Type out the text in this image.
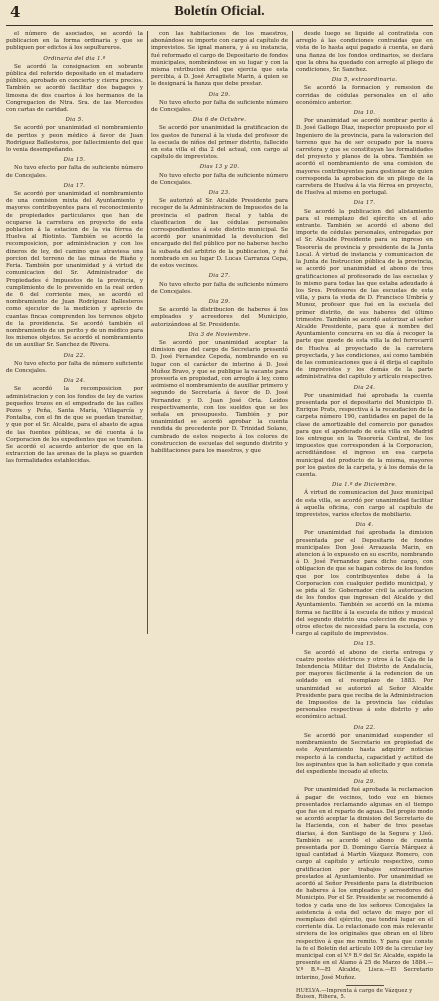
4	Boletín Oficial.

el número de asociados, se acordó la publicacion en la forma ordinaria y que se publiquen por edictos á los sepultureros.

Ordinaria del dia 1.º

Se acordó la consignacion en sobrante pública del referido depositado en el matadero público, aprobado en concierto y cierra precios. También se acordó facilitar dos bagages y limosna de dos cuartos á los hermanos de la Congregacion de Ntra. Sra. de las Mercedes con cartas de caridad.

Dia 5.

Se acordó por unanimidad el nombramiento de peritos y peon médico á favor de Juan Rodríguez Ballesteros, por fallecimiento del que lo venia desempeñando.

Dia 15.

No tuvo efecto por falta de suficiente número de Concejales.

Dia 17.

Se acordó por unanimidad el nombramiento de una comision mixta del Ayuntamiento y mayores contribuyentes para el reconocimiento de propiedades particulares que han de ocuparse la carretera en proyecto de esta poblacion á la estacion de la via férrea de Huelva al Ríotinto. También se acordó la recomposicion, por administracion y con los dineros de ley, del camino que atraviesa una porcion del terreno de las minas de Riaño y Feria. También por unanimidad y á virtud de comunicacion del Sr. Administrador de Propiedades é Impuestos de la provincia, y cumplimiento de lo prevenido en la real orden de 6 del corriente mes, se acordó el nombramiento de Juan Rodríguez Ballesteros como ejecutor de la medicion y aprecio de cuantas fincas comprenden los terrenos objeto de la providencia. Se acordó también el nombramiento de un perito y de un médico para los mismos objetos. Se acordó el nombramiento de un auxiliar Sr. Sanchez de Rivera.

Dia 22.

No tuvo efecto por falta de número suficiente de Concejales.

Dia 24.

Se acordó la recomposicion por administracion y con los fondos de ley de varios pequeños trozos en el empedrado de las calles Pozos y Peña, Santa María, Villagarcía y Fontalba, con el fin de que se puedan transitar, y que por el Sr. Alcalde, para el abasto de agua de las fuentes públicas, se dé cuenta á la Corporacion de los expedientes que se tramiten. Se acordó el acuerdo anterior de que en la extraccion de las arenas de la playa se guarden las formalidades establecidas.

con las habitaciones de los maestros, abonándose su importe con cargo al capítulo de imprevistos. Se ignal manera, y á su instancia, fué reformado el cargo de Depositario de fondos municipales, nombrándose en su lugar y con la misma retribucion del que ejercia que esta percibia, á D. José Arragüete Marin, á quien se le designará la fianza que debe prestar.

Dia 29.

No tuvo efecto por falta de suficiente número de Concejales.

Dia 6 de Octubre.

Se acordó por unanimidad la gratificacion de los gastos de funeral á la viuda del profesor de la escuela de niños del primer distrito, fallecido en esta villa el dia 2 del actual, con cargo al capítulo de imprevistos.

Dias 13 y 20.

No tuvo efecto por falta de suficiente número de Concejales.

Dia 23.

Se autorizó al Sr. Alcalde Presidente para recoger de la Administracion de Impuestos de la provincia el padron fiscal y tabla de clasificacion de las cédulas personales correspondientes á este distrito municipal. Se acordó por unanimidad la devolucion del encargado del fiel público por no haberse hecho la subasta del arbitrio de la publicacion, y fué nombrado en su lugar D. Lucas Carranza Cepa, de estos vecinos.

Dia 27.

No tuvo efecto por falta de suficiente número de Concejales.

Dia 29.

Se acordó la distribucion de haberes á los empleados y acreedores del Municipio, autorizándose al Sr. Presidente.

Dia 3 de Noviembre.

Se acordó por unanimidad aceptar la dimision que del cargo de Secretario presentó D. José Fernandez Cepeda, nombrando en su lugar con el carácter de interino á D. José Muñoz Bravo, y que se publique la vacante para proveerla en propiedad, con arreglo á ley, como asimismo el nombramiento de auxiliar primero y segundo de Secretaría á favor de D. José Fernandez y D. Juan José Orta. Leídos respectivamente, con los sueldos que se les señala en presupuesto. También y por unanimidad se acordó aprobar la cuenta rendida de precedente por D. Trinidad Solano, cumbrado de estos respecto á los colores de construccion de escuelas del segundo distrito y habilitaciones para los maestros, y que

desde luego se liquide al contratista con arreglo á las condiciones contraidas que en vista de lo hasta aquí pagado á cuenta, se dará una fianza de los fondos ordinarios, se declara que la obra ha quedado con arreglo al pliego de condiciones, Sr. Sanchez.

Dia 5, extraordinaria.

Se acordó la formacion y remesion de corridas de cédulas personales en el año económico anterior.

Dia 10.

Por unanimidad se acordó nombrar perito á D. José Gallego Diaz, inspector propuesto por el Ingeniero de la provincia, para la valoracion del terreno que ha de ser ocupado por la nueva carretera y que se constituyan las formalidades del proyecto y planos de la obra. También se acordó el nombramiento de una comision de mayores contribuyentes para gestionar de quien corresponda la aprobacion de un pliego de la carretera de Huelva á la via férrea en proyecto, de Huelva al mismo en portugal.

Dia 17.

Se acordó la publicacion del alistamiento para el reemplazo del ejército en el año entrante. También se acordó el abono del importe de cédulas personales, entregadas por el Sr. Alcalde Presidente para su ingreso en Tesorería de provincia y presidente de la Junta Local. Á virtud de instancia y comunicacion de la Junta de Instruccion pública de la provincia, se acordó por unanimidad el abono de tres gratificaciones al profesorado de las escuelas y lo mismo para todas las que estaba adeudado á los Sres. Profesores de las escuelas de esta villa, y para la viuda de D. Francisco Umbría y Munoz, profesor que fué en la escuela del primer distrito, de sus haberes del último trimestre. También se acordó autorizar al señor Alcalde Presidente, para que á nombre del Ayuntamiento concurra en su día á recoger la parte que quede de esta villa la del ferrocarril de Huelva al proyectado de la carretera proyectada, y las condiciones, así como también de las comunicaciones que á él dirija el capítulo de imprevistos y los demás de la parte administrativa del capítulo y artículo respectivo.

Dia 24.

Por unanimidad fué aprobada la cuenta presentada por el depositario del Municipio D. Enrique Prats, respectiva á la recaudacion de la carpeta número 190, cantidades en papel de la clase de amortizable del comercio por ganados para que el apoderado de esta villa en Madrid los entregue en la Tesorería Central, de los impuestos que corresponden á la Corporacion, acreditándose el ingreso en esa carpeta municipal del producto de la misma, mayores por los gastos de la carpeta, y á los demás de la cuenta.

Dia 1.º de Diciembre.

Á virtud de comunicacion del Juez municipal de esta villa, se acordó por unanimidad facilitar á aquella oficina, con cargo al capítulo de imprevistos, varios efectos de mobiliario.

Dia 4.

Por unanimidad fué aprobada la dimision presentada por el Depositario de fondos municipales Don José Arrazaola Marin, en atencion á lo expuesto en su escrito, nombrando á D. José Fernandez para dicho cargo, con obligacion de que se hagan cobros de los fondos que por los contribuyentes debe á la Corporacion con cualquier pedido municipal, y se pida al Sr. Gobernador civil la autorizacion de los fondos que ingresan del Alcalde y del Ayuntamiento. También se acordó en la misma forma se facilite á la escuela de niños y musical del segundo distrito una coleccion de mapas y otros efectos de necesidad para la escuela, con cargo al capítulo de imprevistos.

Dia 15.

Se acordó el abono de cierta entrega y cuatro postes eléctricos y otros á la Caja de la Intendencia Militar del Distrito de Andalucía, por mayores fácilmente á la redencion de un soldado en el reemplazo de 1883. Por unanimidad se autorizó al Señor Alcalde Presidente para que reciba de la Administracion de Impuestos de la provincia las cédulas personales respectivas á este distrito y año económico actual.

Dia 22.

Se acordó por unanimidad suspender el nombramiento de Secretario en propiedad de este Ayuntamiento hasta adquirir noticias respecto á la conducta, capacidad y actitud de los aspirantes que la han solicitado y que consta del expediente incoado al efecto.

Dia 29.

Por unanimidad fué aprobada la reclamacion á pagar de vecinos, todo voz en bienes presentados reclamando algunas en el tiempo que fue en el reparto de aguas. Del propio modo se acordó aceptar la dimision del Secretario de la Hacienda, con el haber de tres pesetas diarias, á don Santiago de la Segura y Lleó. También se acordó el abono de cuenta presentada por D. Domingo García Márquez á igual cantidad á Martín Vázquez Romero, con cargo al capítulo y artículo respectivo, como gratificacion por trabajos extraordinarios prestados al Ayuntamiento. Por unanimidad se acordó al Señor Presidente para la distribucion de haberes á los empleados y acreedores del Municipio. Por el Sr. Presidente se recomendó á todos y cada uno de los señores Concejales la asistencia á esta del octavo de mayo por el reemplazo del ejército, que tendrá lugar en el corriente día. Lo relacionado con más relevante sirviera de los originales que obran en el libro respectivo á que me remito. Y para que conste la fe el Boletín del artículo 109 de la circular ley municipal con el V.º B.º del Sr. Alcalde, expido la presente en el Álamo á 25 de Marzo de 1884.—V.º B.º—El Alcalde, Lisca.—El Secretario interino, José Muñoz.

HUELVA.—Imprenta á cargo de Vázquez y Buisen, Ribera, 5.
